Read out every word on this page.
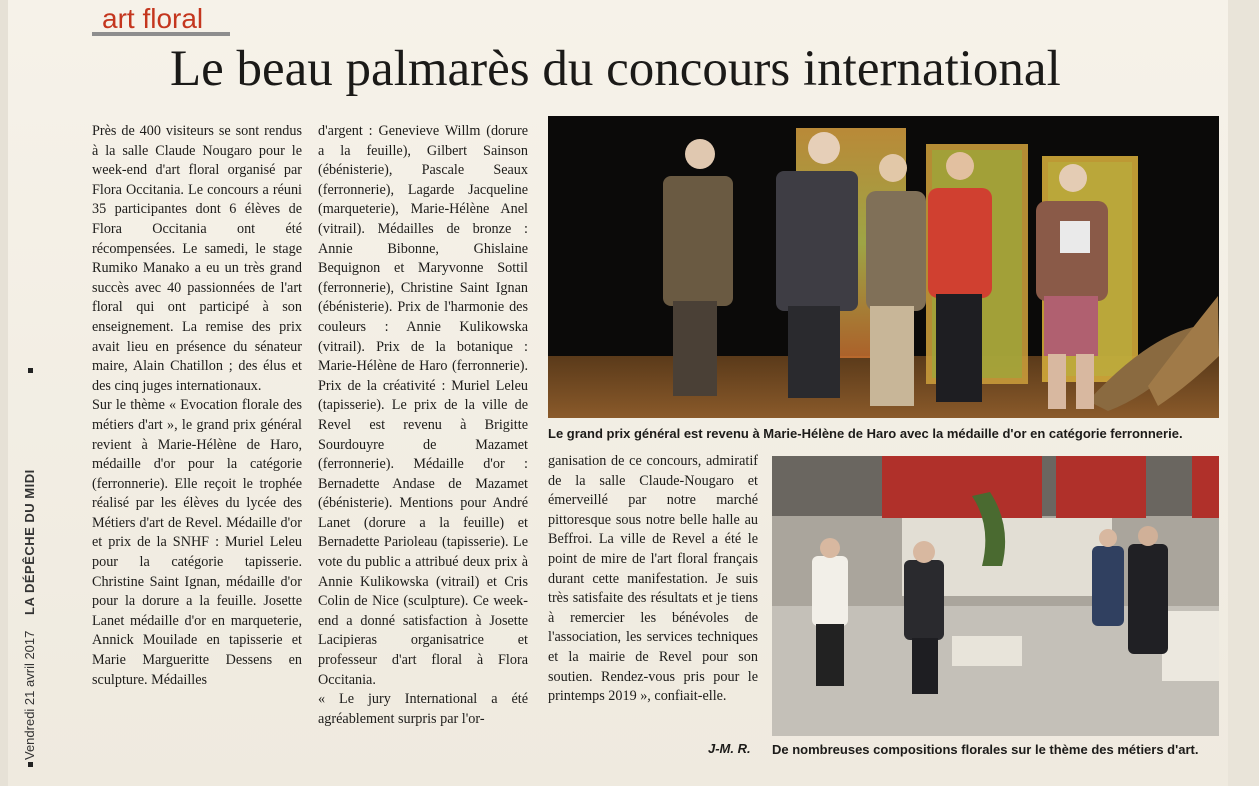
Vendredi 21 avril 2017 LA DÉPÊCHE DU MIDI
art floral
Le beau palmarès du concours international

Près de 400 visiteurs se sont rendus à la salle Claude Nougaro pour le week-end d'art floral organisé par Flora Occitania. Le concours a réuni 35 participantes dont 6 élèves de Flora Occitania ont été récompensées. Le samedi, le stage Rumiko Manako a eu un très grand succès avec 40 passionnées de l'art floral qui ont participé à son enseignement. La remise des prix avait lieu en présence du sénateur maire, Alain Chatillon ; des élus et des cinq juges internationaux.

Sur le thème « Evocation florale des métiers d'art », le grand prix général revient à Marie-Hélène de Haro, médaille d'or pour la catégorie (ferronnerie). Elle reçoit le trophée réalisé par les élèves du lycée des Métiers d'art de Revel. Médaille d'or et prix de la SNHF : Muriel Leleu pour la catégorie tapisserie. Christine Saint Ignan, médaille d'or pour la dorure a la feuille. Josette Lanet médaille d'or en marqueterie, Annick Mouilade en tapisserie et Marie Margueritte Dessens en sculpture. Médailles

d'argent : Genevieve Willm (dorure a la feuille), Gilbert Sainson (ébénisterie), Pascale Seaux (ferronnerie), Lagarde Jacqueline (marqueterie), Marie-Hélène Anel (vitrail). Médailles de bronze : Annie Bibonne, Ghislaine Bequignon et Maryvonne Sottil (ferronnerie), Christine Saint Ignan (ébénisterie). Prix de l'harmonie des couleurs : Annie Kulikowska (vitrail). Prix de la botanique : Marie-Hélène de Haro (ferronnerie). Prix de la créativité : Muriel Leleu (tapisserie). Le prix de la ville de Revel est revenu à Brigitte Sourdouyre de Mazamet (ferronnerie). Médaille d'or : Bernadette Andase de Mazamet (ébénisterie). Mentions pour André Lanet (dorure a la feuille) et Bernadette Parioleau (tapisserie). Le vote du public a attribué deux prix à Annie Kulikowska (vitrail) et Cris Colin de Nice (sculpture). Ce week-end a donné satisfaction à Josette Lacipieras organisatrice et professeur d'art floral à Flora Occitania.

« Le jury International a été agréablement surpris par l'or-

Le grand prix général est revenu à Marie-Hélène de Haro avec la médaille d'or en catégorie ferronnerie.

ganisation de ce concours, admiratif de la salle Claude-Nougaro et émerveillé par notre marché pittoresque sous notre belle halle au Beffroi. La ville de Revel a été le point de mire de l'art floral français durant cette manifestation. Je suis très satisfaite des résultats et je tiens à remercier les bénévoles de l'association, les services techniques et la mairie de Revel pour son soutien. Rendez-vous pris pour le printemps 2019 », confiait-elle.

J-M. R. De nombreuses compositions florales sur le thème des métiers d'art.
